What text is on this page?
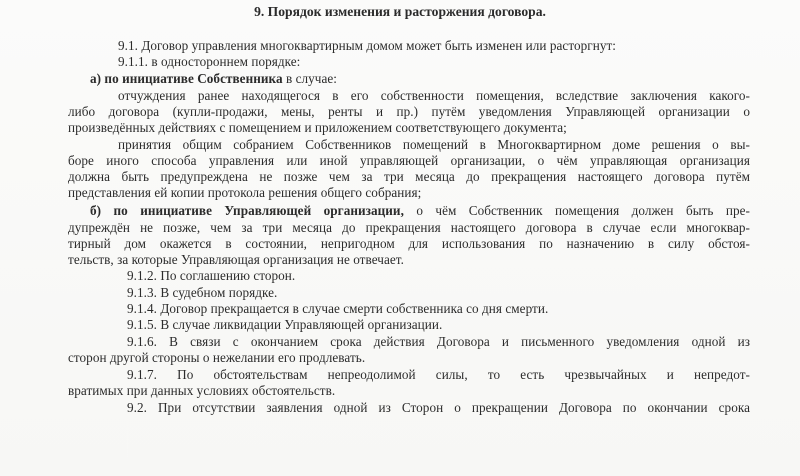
9. Порядок изменения и расторжения договора.
9.1. Договор управления многоквартирным домом может быть изменен или расторгнут:
9.1.1. в одностороннем порядке:
а) по инициативе Собственника в случае:
отчуждения ранее находящегося в его собственности помещения, вследствие заключения какого-
либо договора (купли-продажи, мены, ренты и пр.) путём уведомления Управляющей организации о
произведённых действиях с помещением и приложением соответствующего документа;
принятия общим собранием Собственников помещений в Многоквартирном доме решения о вы-
боре иного способа управления или иной управляющей организации, о чём управляющая организация
должна быть предупреждена не позже чем за три месяца до прекращения настоящего договора путём
представления ей копии протокола решения общего собрания;
б) по инициативе Управляющей организации, о чём Собственник помещения должен быть пре-
дупреждён не позже, чем за три месяца до прекращения настоящего договора в случае если многоквар-
тирный дом окажется в состоянии, непригодном для использования по назначению в силу обстоя-
тельств, за которые Управляющая организация не отвечает.
9.1.2. По соглашению сторон.
9.1.3. В судебном порядке.
9.1.4. Договор прекращается в случае смерти собственника со дня смерти.
9.1.5. В случае ликвидации Управляющей организации.
9.1.6. В связи с окончанием срока действия Договора и письменного уведомления одной из
сторон другой стороны о нежелании его продлевать.
9.1.7. По обстоятельствам непреодолимой силы, то есть чрезвычайных и непредот-
вратимых при данных условиях обстоятельств.
9.2. При отсутствии заявления одной из Сторон о прекращении Договора по окончании срока
